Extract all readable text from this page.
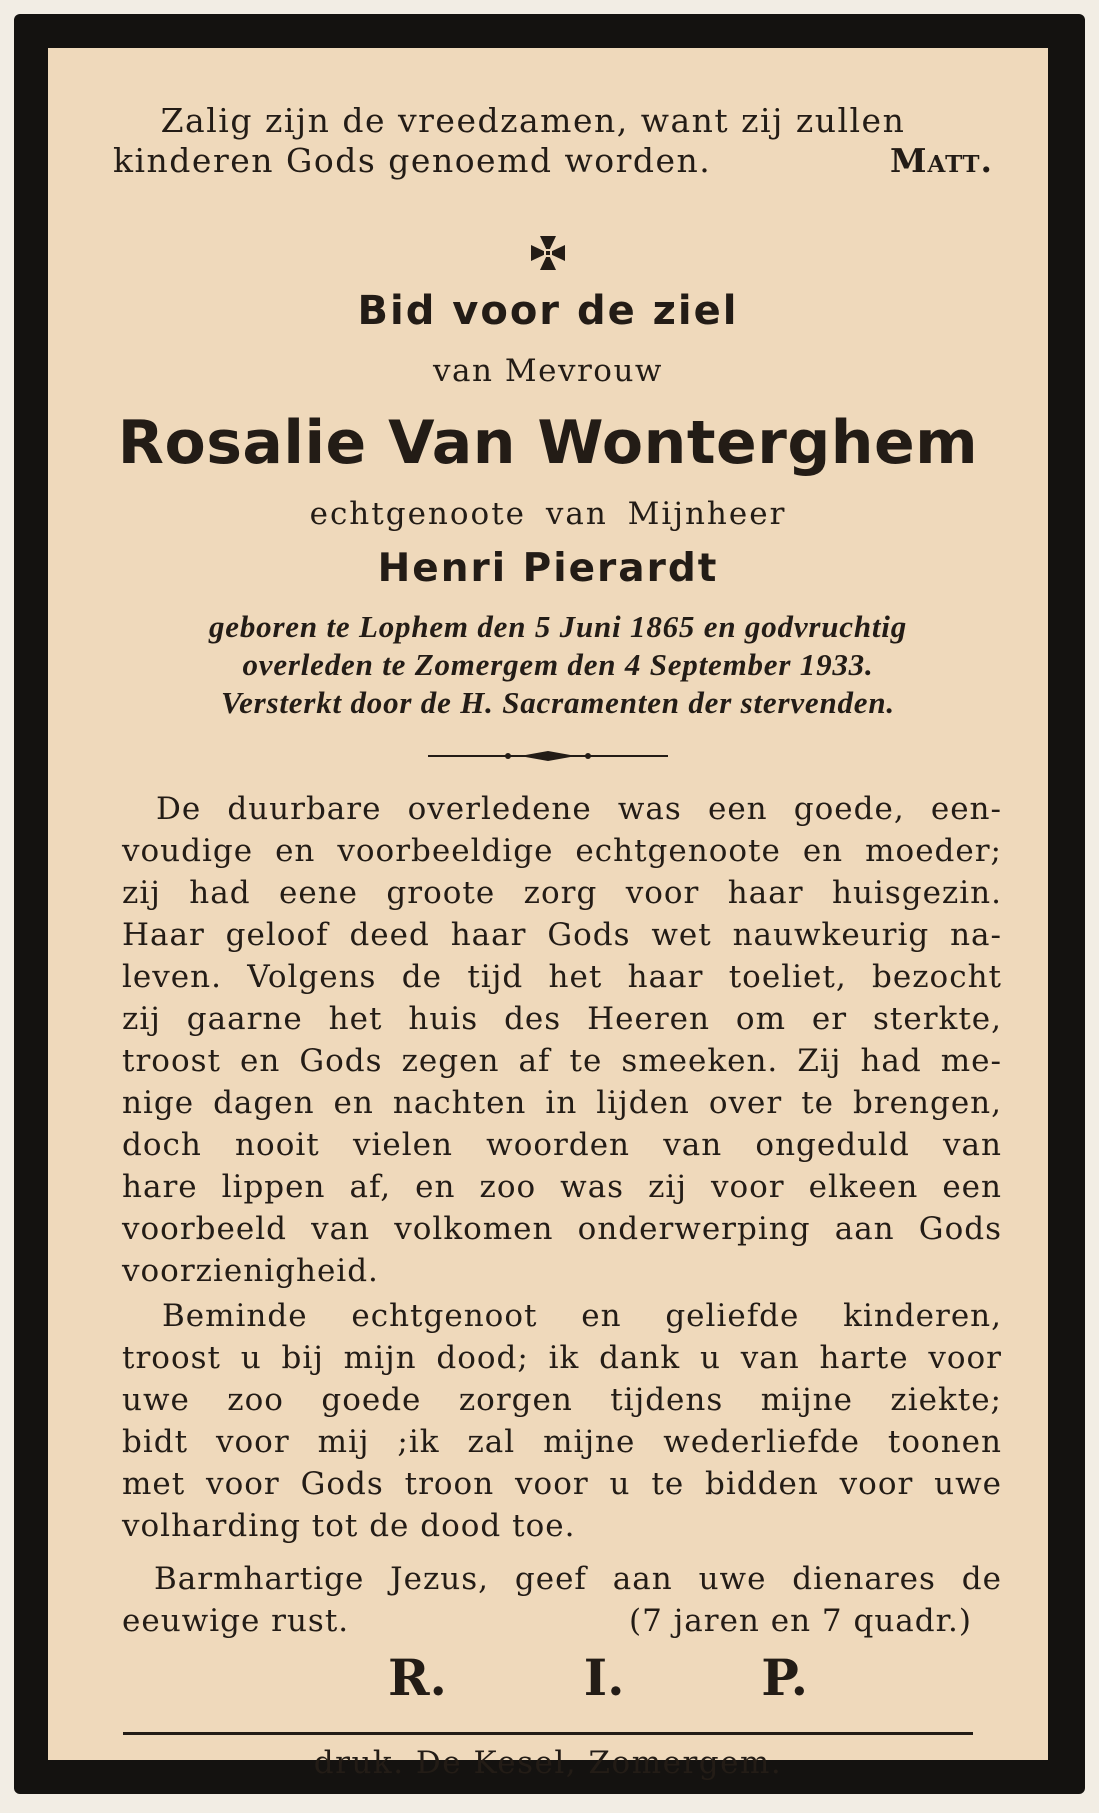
Zalig zijn de vreedzamen, want zij zullen
kinderen Gods genoemd worden.	Matt.
Bid voor de ziel
van Mevrouw
Rosalie Van Wonterghem
echtgenoote van Mijnheer
Henri Pierardt
geboren te Lophem den 5 Juni 1865 en godvruchtig
overleden te Zomergem den 4 September 1933.
Versterkt door de H. Sacramenten der stervenden.
De duurbare overledene was een goede, een-
voudige en voorbeeldige echtgenoote en moeder;
zij had eene groote zorg voor haar huisgezin.
Haar geloof deed haar Gods wet nauwkeurig na-
leven. Volgens de tijd het haar toeliet, bezocht
zij gaarne het huis des Heeren om er sterkte,
troost en Gods zegen af te smeeken. Zij had me-
nige dagen en nachten in lijden over te brengen,
doch nooit vielen woorden van ongeduld van
hare lippen af, en zoo was zij voor elkeen een
voorbeeld van volkomen onderwerping aan Gods
voorzienigheid.
Beminde echtgenoot en geliefde kinderen,
troost u bij mijn dood; ik dank u van harte voor
uwe zoo goede zorgen tijdens mijne ziekte;
bidt voor mij ;ik zal mijne wederliefde toonen
met voor Gods troon voor u te bidden voor uwe
volharding tot de dood toe.
Barmhartige Jezus, geef aan uwe dienares de
eeuwige rust.	(7 jaren en 7 quadr.)
R.	I.	P.
druk. De Kesel, Zomergem.
